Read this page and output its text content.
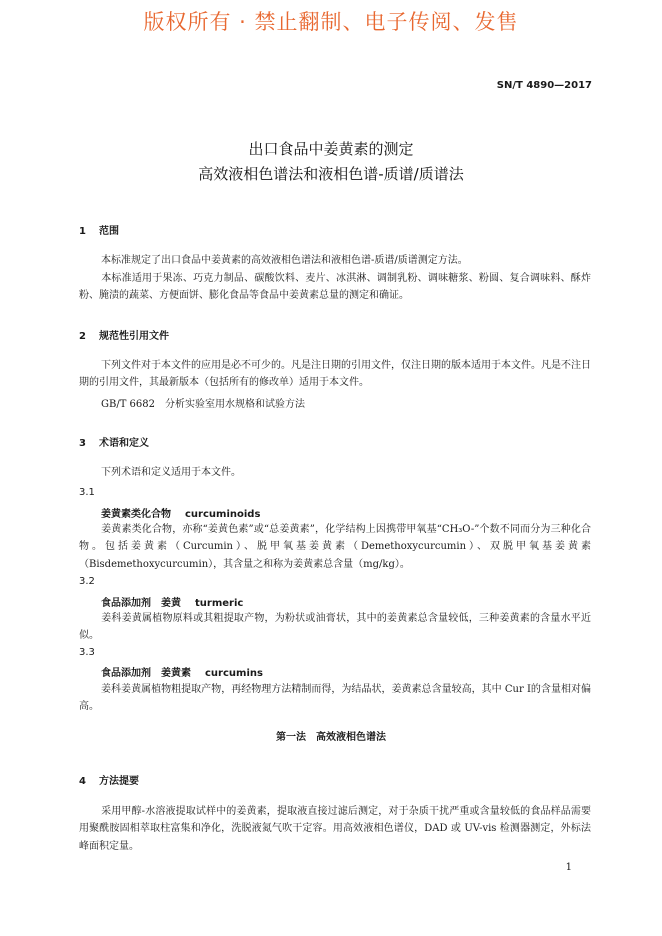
版权所有 · 禁止翻制、电子传阅、发售
SN/T 4890—2017
出口食品中姜黄素的测定
高效液相色谱法和液相色谱-质谱/质谱法
1 范围
本标准规定了出口食品中姜黄素的高效液相色谱法和液相色谱-质谱/质谱测定方法。
本标准适用于果冻、巧克力制品、碳酸饮料、麦片、冰淇淋、调制乳粉、调味糖浆、粉圆、复合调味料、酥炸粉、腌渍的蔬菜、方便面饼、膨化食品等食品中姜黄素总量的测定和确证。
2 规范性引用文件
下列文件对于本文件的应用是必不可少的。凡是注日期的引用文件，仅注日期的版本适用于本文件。凡是不注日期的引用文件，其最新版本（包括所有的修改单）适用于本文件。
GB/T 6682　分析实验室用水规格和试验方法
3 术语和定义
下列术语和定义适用于本文件。
3.1
姜黄素类化合物 curcuminoids
姜黄素类化合物，亦称“姜黄色素”或“总姜黄素”，化学结构上因携带甲氧基“CH₃O-”个数不同而分为三种化合物。包括姜黄素（Curcumin）、脱甲氧基姜黄素（Demethoxycurcumin）、双脱甲氧基姜黄素（Bisdemethoxycurcumin），其含量之和称为姜黄素总含量（mg/kg）。
3.2
食品添加剂　姜黄 turmeric
姜科姜黄属植物原料或其粗提取产物，为粉状或油膏状，其中的姜黄素总含量较低，三种姜黄素的含量水平近似。
3.3
食品添加剂　姜黄素 curcumins
姜科姜黄属植物粗提取产物，再经物理方法精制而得，为结晶状，姜黄素总含量较高，其中 Cur Ⅰ的含量相对偏高。
第一法　高效液相色谱法
4 方法提要
采用甲醇-水溶液提取试样中的姜黄素，提取液直接过滤后测定，对于杂质干扰严重或含量较低的食品样品需要用聚酰胺固相萃取柱富集和净化，洗脱液氮气吹干定容。用高效液相色谱仪，DAD 或 UV-vis 检测器测定，外标法峰面积定量。
1
